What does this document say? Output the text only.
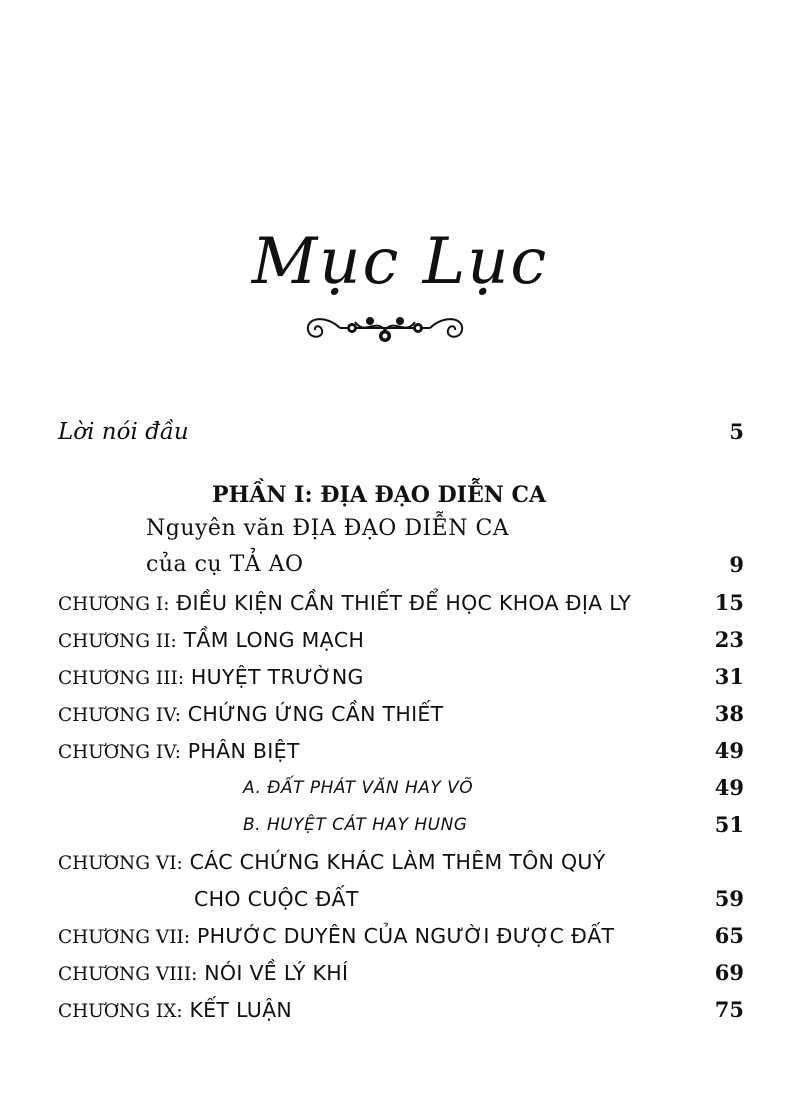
Mục Lục
Lời nói đầu	5
PHẦN I: ĐỊA ĐẠO DIỄN CA
Nguyên văn ĐỊA ĐẠO DIỄN CA
của cụ TẢ AO	9
CHƯƠNG I: ĐIỀU KIỆN CẦN THIẾT ĐỂ HỌC KHOA ĐỊA LY	15
CHƯƠNG II: TẦM LONG MẠCH	23
CHƯƠNG III: HUYỆT TRƯỜNG	31
CHƯƠNG IV: CHỨNG ỨNG CẦN THIẾT	38
CHƯƠNG IV: PHÂN BIỆT	49
A. ĐẤT PHÁT VĂN HAY VÕ	49
B. HUYỆT CÁT HAY HUNG	51
CHƯƠNG VI: CÁC CHỨNG KHÁC LÀM THÊM TÔN QUÝ
CHO CUỘC ĐẤT	59
CHƯƠNG VII: PHƯỚC DUYÊN CỦA NGƯỜI ĐƯỢC ĐẤT	65
CHƯƠNG VIII: NÓI VỀ LÝ KHÍ	69
CHƯƠNG IX: KẾT LUẬN	75
